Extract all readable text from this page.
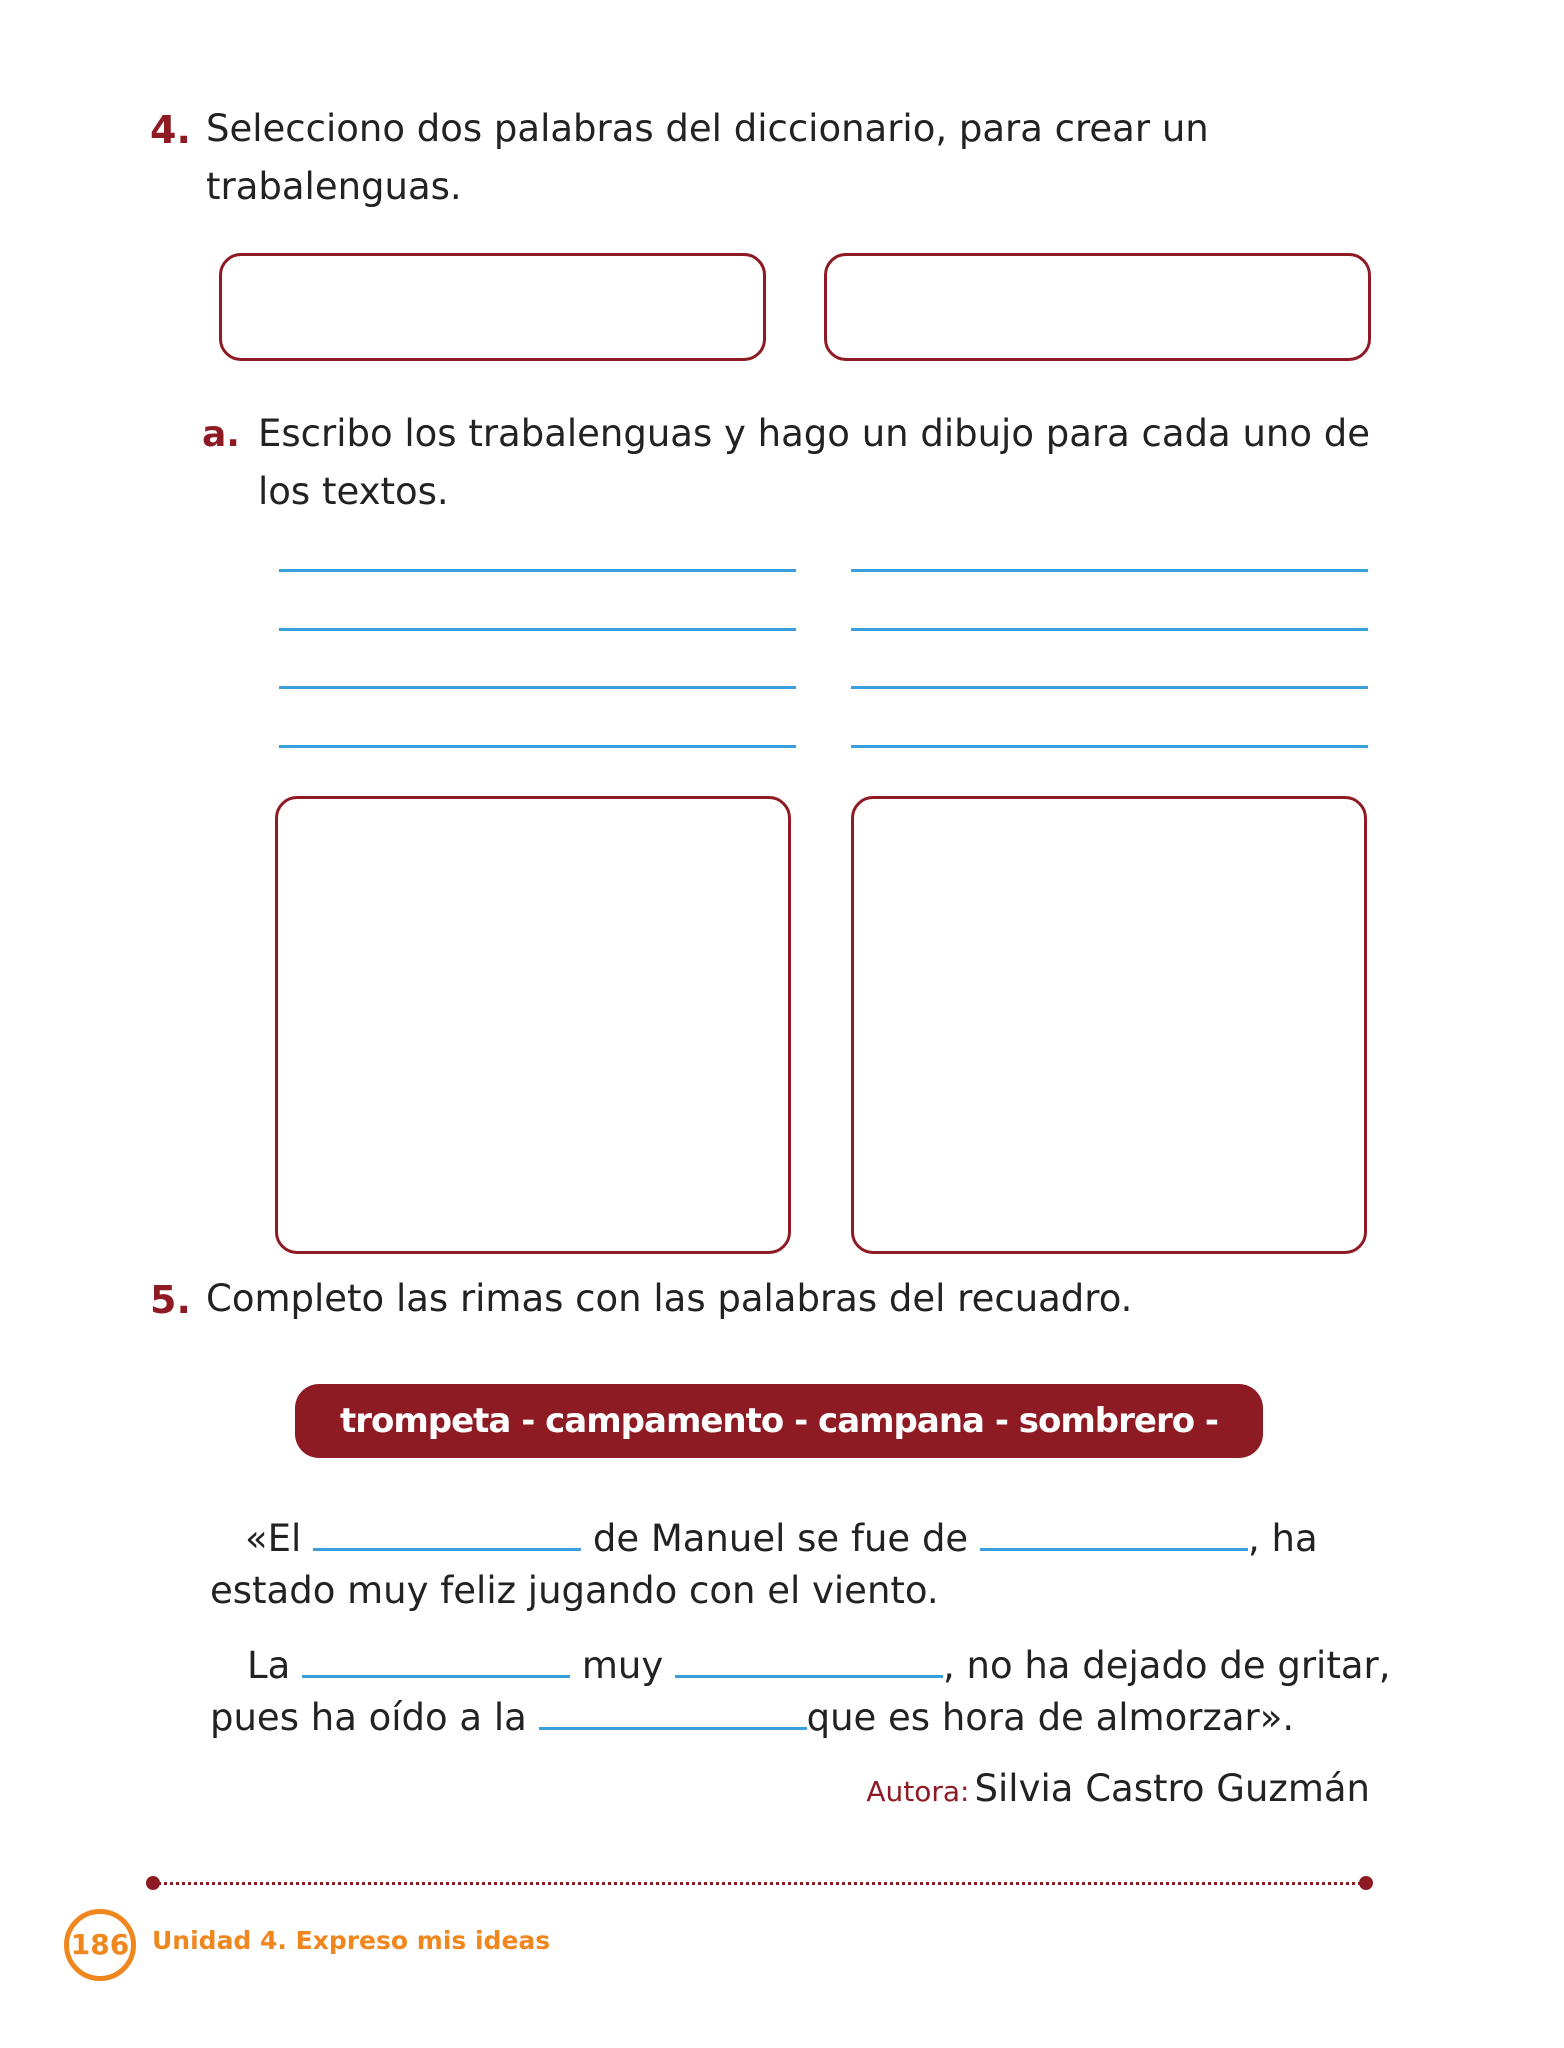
4. Selecciono dos palabras del diccionario, para crear un
trabalenguas.
a. Escribo los trabalenguas y hago un dibujo para cada uno de
los textos.
5. Completo las rimas con las palabras del recuadro.
trompeta - campamento - campana - sombrero - hambrienta
«El	de Manuel se fue de	, ha
estado muy feliz jugando con el viento.
La	muy	, no ha dejado de gritar,
pues ha oído a la	que es hora de almorzar».
Autora: Silvia Castro Guzmán
186 Unidad 4. Expreso mis ideas
